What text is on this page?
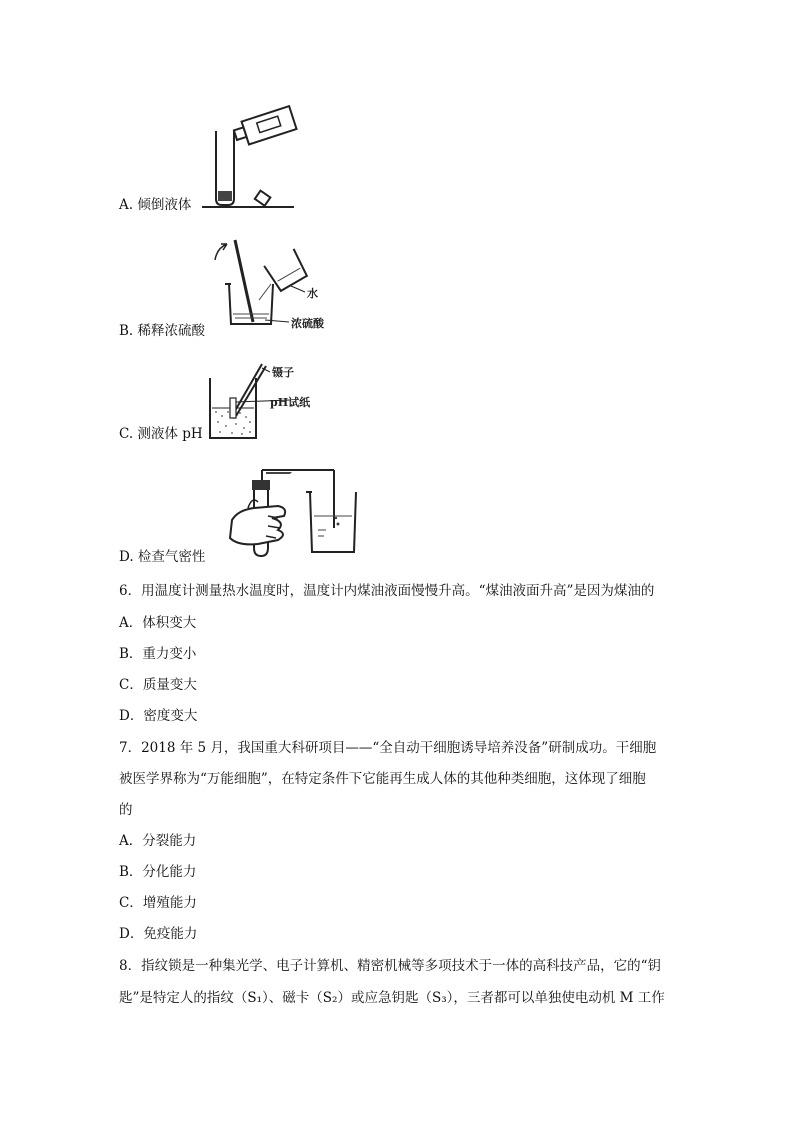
A. 倾倒液体
水
浓硫酸
B. 稀释浓硫酸
镊子
pH试纸
C. 测液体 pH
D. 检查气密性
6．用温度计测量热水温度时，温度计内煤油液面慢慢升高。“煤油液面升高”是因为煤油的
A．体积变大
B．重力变小
C．质量变大
D．密度变大
7．2018 年 5 月，我国重大科研项目——“全自动干细胞诱导培养没备”研制成功。干细胞
被医学界称为“万能细胞”，在特定条件下它能再生成人体的其他种类细胞，这体现了细胞
的
A．分裂能力
B．分化能力
C．增殖能力
D．免疫能力
8．指纹锁是一种集光学、电子计算机、精密机械等多项技术于一体的高科技产品，它的“钥
匙”是特定人的指纹（S₁）、磁卡（S₂）或应急钥匙（S₃），三者都可以单独使电动机 M 工作
